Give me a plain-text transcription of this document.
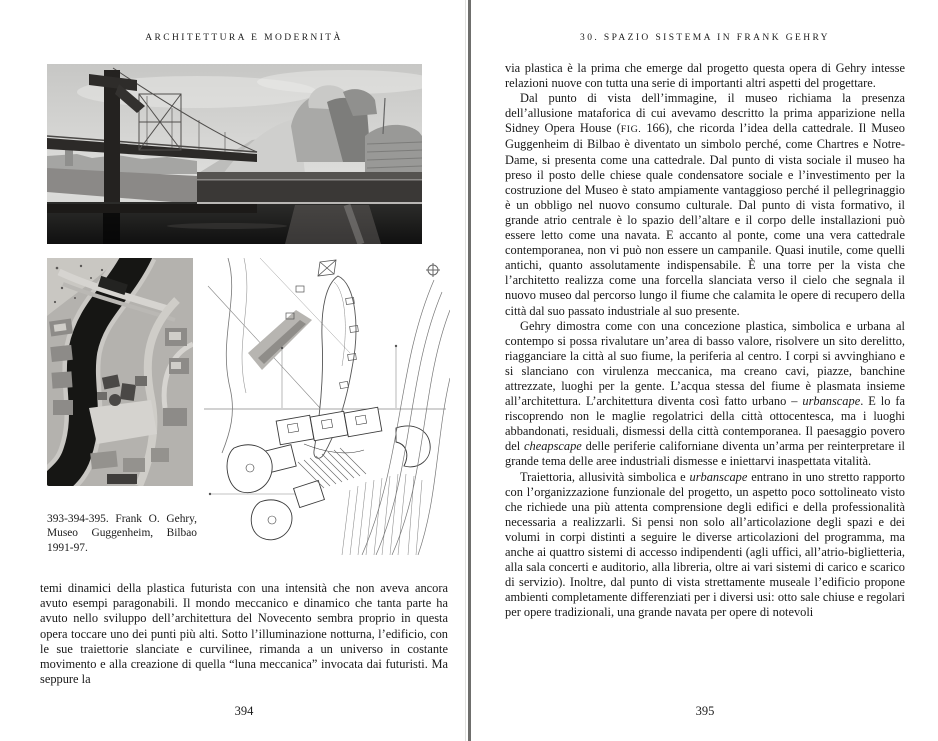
ARCHITETTURA E MODERNITÀ
393-394-395. Frank O. Gehry, Museo Guggenheim, Bilbao 1991-97.

temi dinamici della plastica futurista con una intensità che non aveva ancora avuto esempi paragonabili. Il mondo meccanico e dinamico che tanta parte ha avuto nello sviluppo dell’architettura del Novecento sembra proprio in questa opera toccare uno dei punti più alti. Sotto l’illuminazione notturna, l’edificio, con le sue traiettorie slanciate e curvilinee, rimanda a un universo in costante movimento e alla creazione di quella “luna meccanica” invocata dai futuristi. Ma seppure la

394
30. SPAZIO SISTEMA IN FRANK GEHRY

via plastica è la prima che emerge dal progetto questa opera di Gehry intesse relazioni nuove con tutta una serie di importanti altri aspetti del progettare.

Dal punto di vista dell’immagine, il museo richiama la presenza dell’allusione mataforica di cui avevamo descritto la prima apparizione nella Sidney Opera House (FIG. 166), che ricorda l’idea della cattedrale. Il Museo Guggenheim di Bilbao è diventato un simbolo perché, come Chartres e Notre-Dame, si presenta come una cattedrale. Dal punto di vista sociale il museo ha preso il posto delle chiese quale condensatore sociale e l’investimento per la costruzione del Museo è stato ampiamente vantaggioso perché il pellegrinaggio è un obbligo nel nuovo consumo culturale. Dal punto di vista formativo, il grande atrio centrale è lo spazio dell’altare e il corpo delle installazioni può essere letto come una navata. E accanto al ponte, come una vera cattedrale contemporanea, non vi può non essere un campanile. Quasi inutile, come quelli antichi, quanto assolutamente indispensabile. È una torre per la vista che l’architetto realizza come una forcella slanciata verso il cielo che segnala il nuovo museo dal percorso lungo il fiume che calamita le opere di recupero della città dal suo passato industriale al suo presente.

Gehry dimostra come con una concezione plastica, simbolica e urbana al contempo si possa rivalutare un’area di basso valore, risolvere un sito derelitto, riagganciare la città al suo fiume, la periferia al centro. I corpi si avvinghiano e si slanciano con virulenza meccanica, ma creano cavi, piazze, banchine attrezzate, luoghi per la gente. L’acqua stessa del fiume è plasmata insieme all’architettura. L’architettura diventa così fatto urbano – urbanscape. E lo fa riscoprendo non le maglie regolatrici della città ottocentesca, ma i luoghi abbandonati, residuali, dismessi della città contemporanea. Il paesaggio povero del cheapscape delle periferie californiane diventa un’arma per reinterpretare il grande tema delle aree industriali dismesse e iniettarvi inaspettata vitalità.

Traiettoria, allusività simbolica e urbanscape entrano in uno stretto rapporto con l’organizzazione funzionale del progetto, un aspetto poco sottolineato visto che richiede una più attenta comprensione degli edifici e della professionalità necessaria a realizzarli. Si pensi non solo all’articolazione degli spazi e dei volumi in corpi distinti a seguire le diverse articolazioni del programma, ma anche ai quattro sistemi di accesso indipendenti (agli uffici, all’atrio-biglietteria, alla sala concerti e auditorio, alla libreria, oltre ai vari sistemi di carico e scarico di servizio). Inoltre, dal punto di vista strettamente museale l’edificio propone ambienti completamente differenziati per i diversi usi: otto sale chiuse e regolari per opere tradizionali, una grande navata per opere di notevoli

395
